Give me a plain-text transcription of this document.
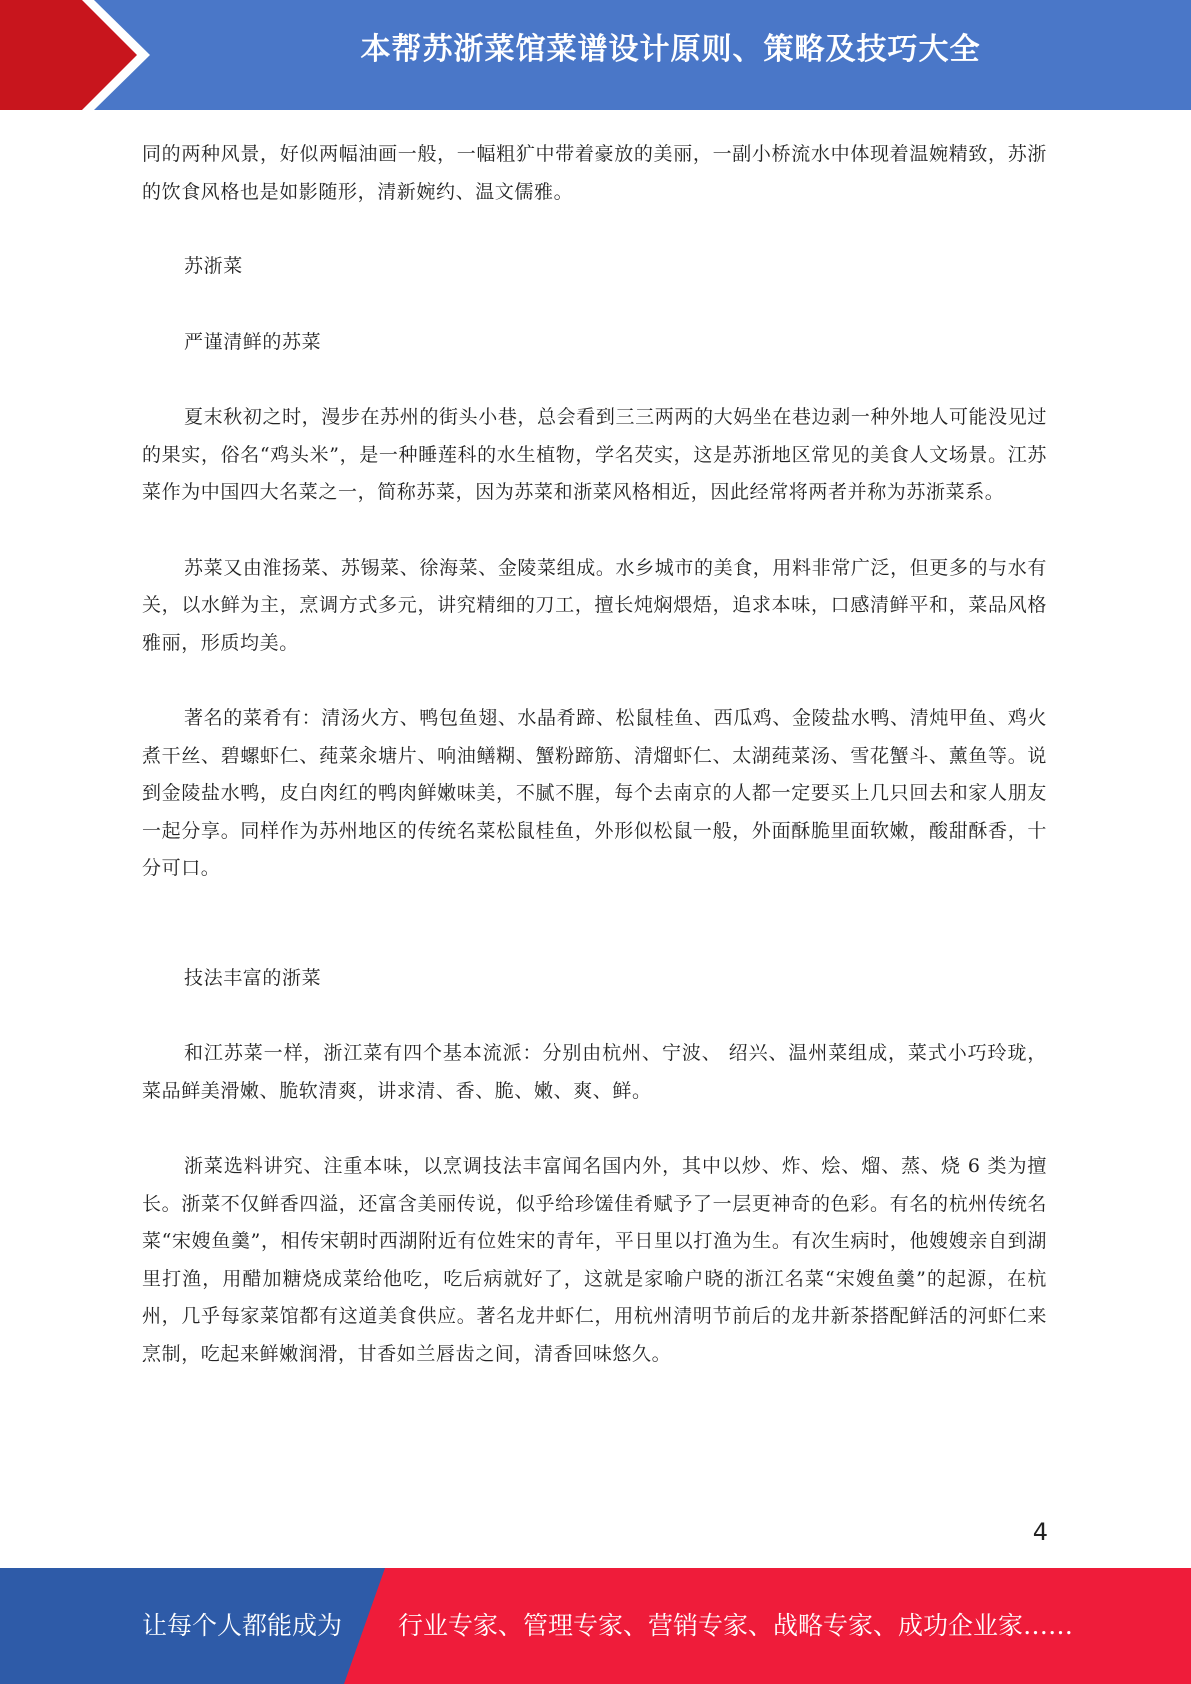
本帮苏浙菜馆菜谱设计原则、策略及技巧大全

同的两种风景，好似两幅油画一般，一幅粗犷中带着豪放的美丽，一副小桥流水中体现着温婉精致，苏浙的饮食风格也是如影随形，清新婉约、温文儒雅。

苏浙菜

严谨清鲜的苏菜

夏末秋初之时，漫步在苏州的街头小巷，总会看到三三两两的大妈坐在巷边剥一种外地人可能没见过的果实，俗名“鸡头米”，是一种睡莲科的水生植物，学名芡实，这是苏浙地区常见的美食人文场景。江苏菜作为中国四大名菜之一，简称苏菜，因为苏菜和浙菜风格相近，因此经常将两者并称为苏浙菜系。

苏菜又由淮扬菜、苏锡菜、徐海菜、金陵菜组成。水乡城市的美食，用料非常广泛，但更多的与水有关，以水鲜为主，烹调方式多元，讲究精细的刀工，擅长炖焖煨焐，追求本味，口感清鲜平和，菜品风格雅丽，形质均美。

著名的菜肴有：清汤火方、鸭包鱼翅、水晶肴蹄、松鼠桂鱼、西瓜鸡、金陵盐水鸭、清炖甲鱼、鸡火煮干丝、碧螺虾仁、莼菜汆塘片、响油鳝糊、蟹粉蹄筋、清熘虾仁、太湖莼菜汤、雪花蟹斗、薰鱼等。说到金陵盐水鸭，皮白肉红的鸭肉鲜嫩味美，不腻不腥，每个去南京的人都一定要买上几只回去和家人朋友一起分享。同样作为苏州地区的传统名菜松鼠桂鱼，外形似松鼠一般，外面酥脆里面软嫩，酸甜酥香，十分可口。

技法丰富的浙菜

和江苏菜一样，浙江菜有四个基本流派：分别由杭州、宁波、 绍兴、温州菜组成，菜式小巧玲珑，菜品鲜美滑嫩、脆软清爽，讲求清、香、脆、嫩、爽、鲜。

浙菜选料讲究、注重本味，以烹调技法丰富闻名国内外，其中以炒、炸、烩、熘、蒸、烧 6 类为擅长。浙菜不仅鲜香四溢，还富含美丽传说，似乎给珍馐佳肴赋予了一层更神奇的色彩。有名的杭州传统名菜“宋嫂鱼羹”，相传宋朝时西湖附近有位姓宋的青年，平日里以打渔为生。有次生病时，他嫂嫂亲自到湖里打渔，用醋加糖烧成菜给他吃，吃后病就好了，这就是家喻户晓的浙江名菜“宋嫂鱼羹”的起源，在杭州，几乎每家菜馆都有这道美食供应。著名龙井虾仁，用杭州清明节前后的龙井新茶搭配鲜活的河虾仁来烹制，吃起来鲜嫩润滑，甘香如兰唇齿之间，清香回味悠久。

4
让每个人都能成为 行业专家、管理专家、营销专家、战略专家、成功企业家……
